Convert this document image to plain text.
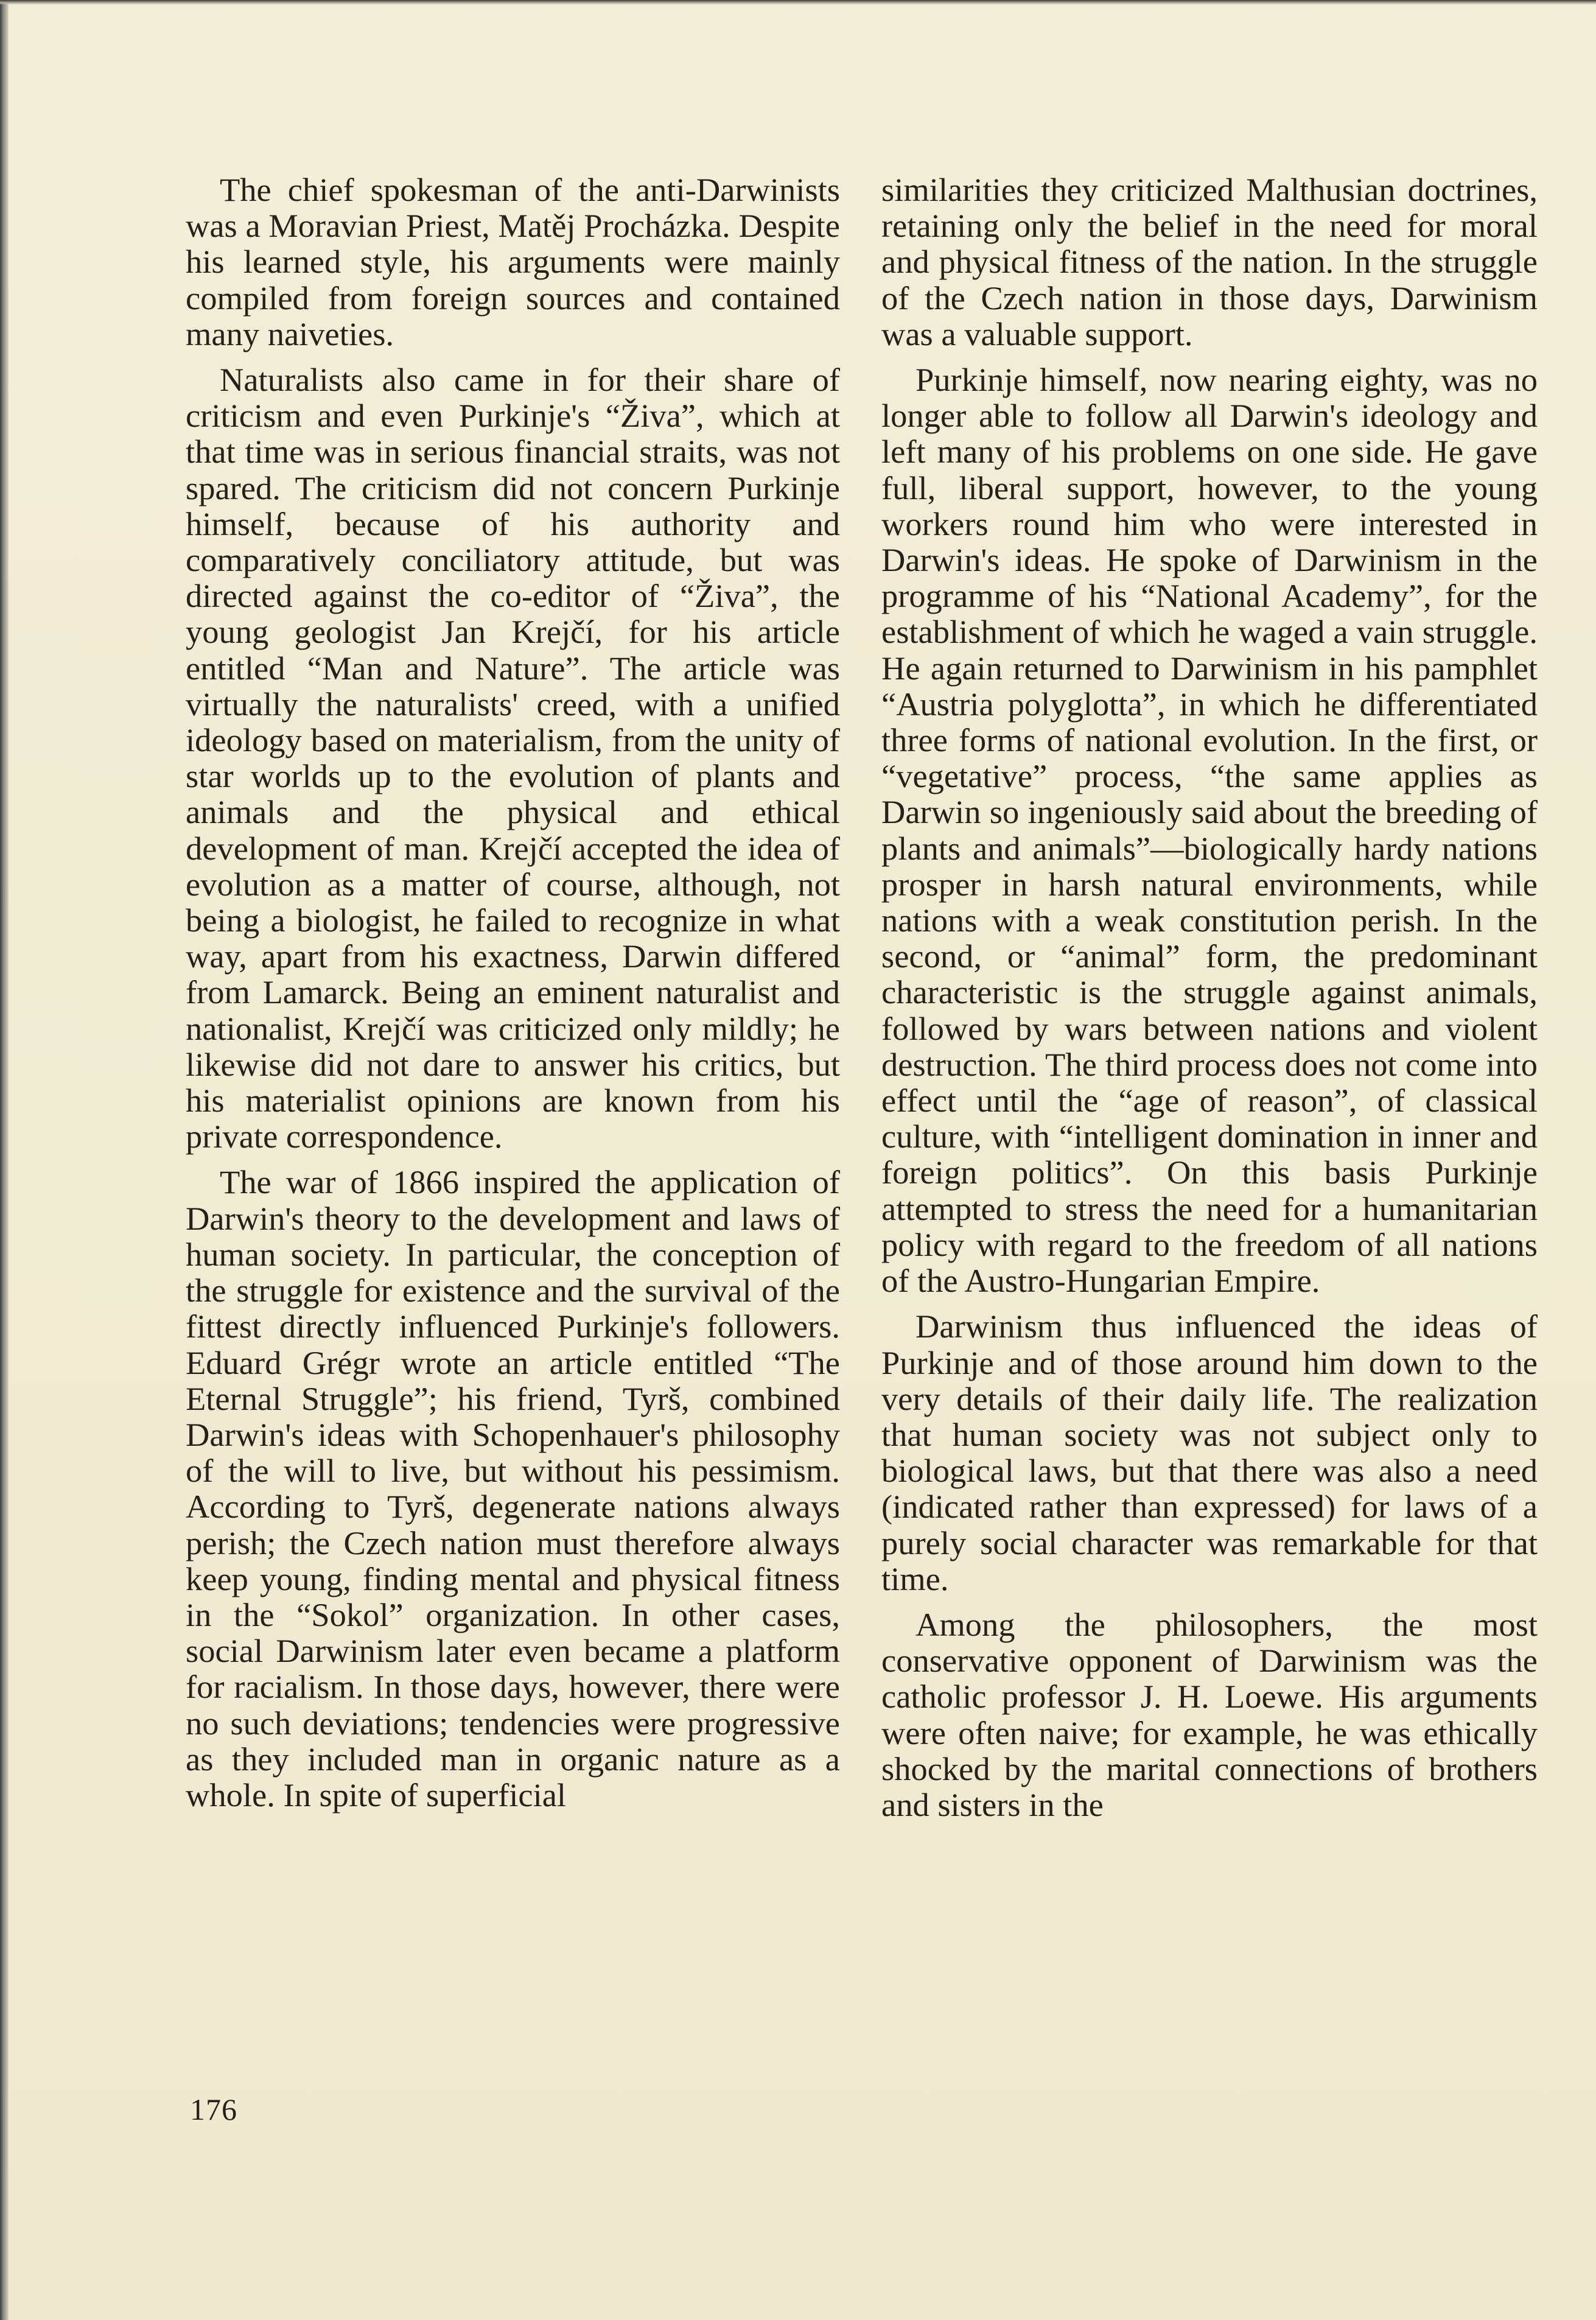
The chief spokesman of the anti-Darwinists was a Moravian Priest, Matěj Procházka. Despite his learned style, his arguments were mainly compiled from foreign sources and contained many naiveties.

Naturalists also came in for their share of criticism and even Purkinje's “Živa”, which at that time was in serious financial straits, was not spared. The criticism did not concern Purkinje himself, because of his authority and comparatively conciliatory attitude, but was directed against the co-editor of “Živa”, the young geologist Jan Krejčí, for his article entitled “Man and Nature”. The article was virtually the naturalists' creed, with a unified ideology based on materialism, from the unity of star worlds up to the evolution of plants and animals and the physical and ethical development of man. Krejčí accepted the idea of evolution as a matter of course, although, not being a biologist, he failed to recognize in what way, apart from his exactness, Darwin differed from Lamarck. Being an eminent naturalist and nationalist, Krejčí was criticized only mildly; he likewise did not dare to answer his critics, but his materialist opinions are known from his private correspondence.

The war of 1866 inspired the application of Darwin's theory to the development and laws of human society. In particular, the conception of the struggle for existence and the survival of the fittest directly influenced Purkinje's followers. Eduard Grégr wrote an article entitled “The Eternal Struggle”; his friend, Tyrš, combined Darwin's ideas with Schopenhauer's philosophy of the will to live, but without his pessimism. According to Tyrš, degenerate nations always perish; the Czech nation must therefore always keep young, finding mental and physical fitness in the “Sokol” organization. In other cases, social Darwinism later even became a platform for racialism. In those days, however, there were no such deviations; tendencies were progressive as they included man in organic nature as a whole. In spite of superficial

similarities they criticized Malthusian doctrines, retaining only the belief in the need for moral and physical fitness of the nation. In the struggle of the Czech nation in those days, Darwinism was a valuable support.

Purkinje himself, now nearing eighty, was no longer able to follow all Darwin's ideology and left many of his problems on one side. He gave full, liberal support, however, to the young workers round him who were interested in Darwin's ideas. He spoke of Darwinism in the programme of his “National Academy”, for the establishment of which he waged a vain struggle. He again returned to Darwinism in his pamphlet “Austria polyglotta”, in which he differentiated three forms of national evolution. In the first, or “vegetative” process, “the same applies as Darwin so ingeniously said about the breeding of plants and animals”—biologically hardy nations prosper in harsh natural environments, while nations with a weak constitution perish. In the second, or “animal” form, the predominant characteristic is the struggle against animals, followed by wars between nations and violent destruction. The third process does not come into effect until the “age of reason”, of classical culture, with “intelligent domination in inner and foreign politics”. On this basis Purkinje attempted to stress the need for a humanitarian policy with regard to the freedom of all nations of the Austro-Hungarian Empire.

Darwinism thus influenced the ideas of Purkinje and of those around him down to the very details of their daily life. The realization that human society was not subject only to biological laws, but that there was also a need (indicated rather than expressed) for laws of a purely social character was remarkable for that time.

Among the philosophers, the most conservative opponent of Darwinism was the catholic professor J. H. Loewe. His arguments were often naive; for example, he was ethically shocked by the marital connections of brothers and sisters in the

176
